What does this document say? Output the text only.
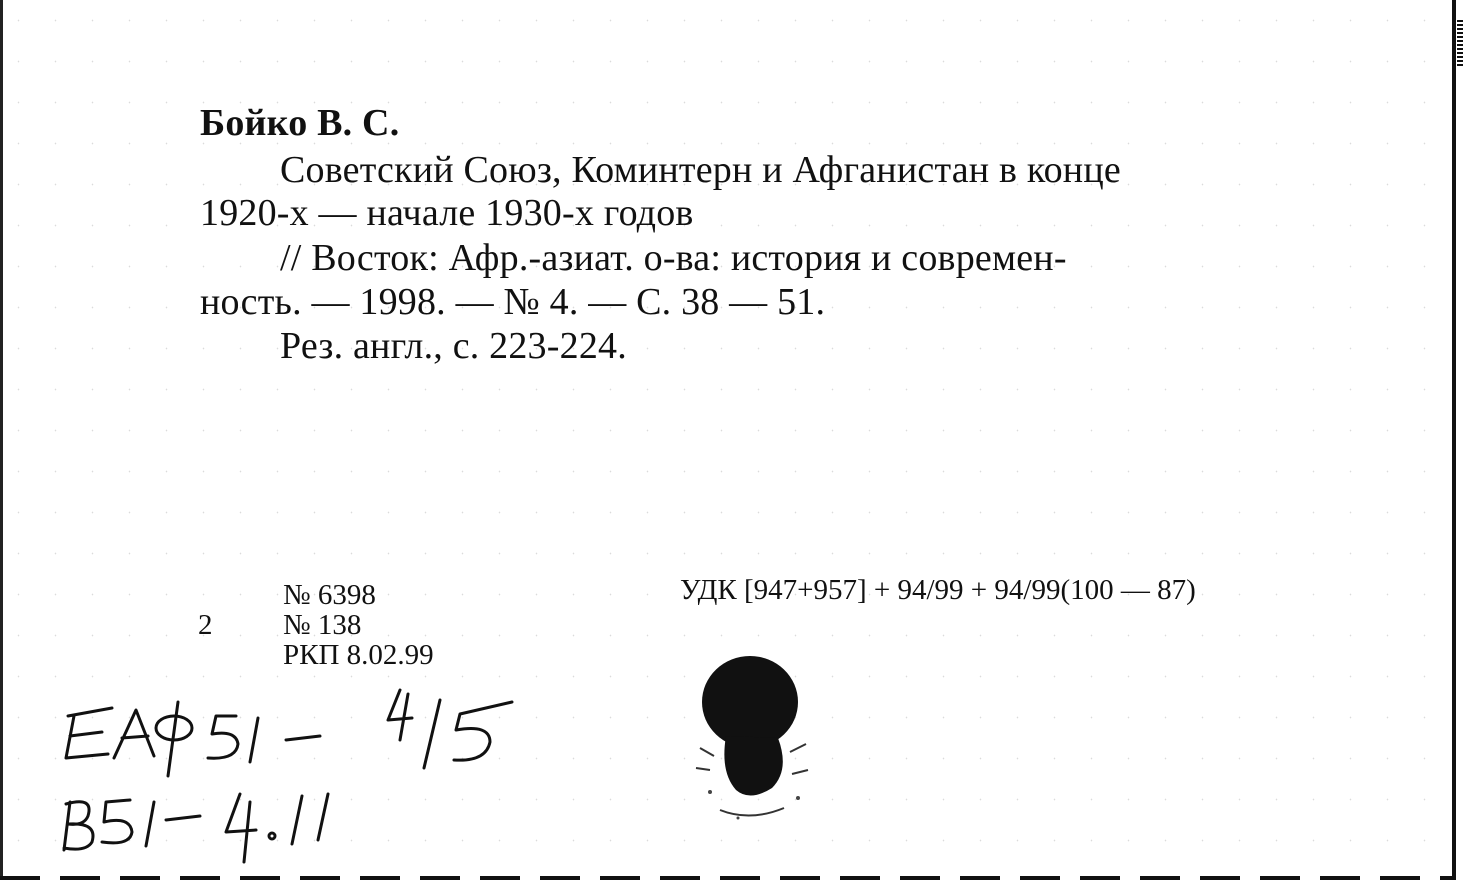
Бойко В. С.
Советский Союз, Коминтерн и Афганистан в конце
1920-х — начале 1930-х годов
// Восток: Афр.-азиат. о-ва: история и современ-
ность. — 1998. — № 4. — С. 38 — 51.
Рез. англ., с. 223-224.
2
№ 6398
№ 138
РКП 8.02.99
УДК [947+957] + 94/99 + 94/99(100 — 87)
